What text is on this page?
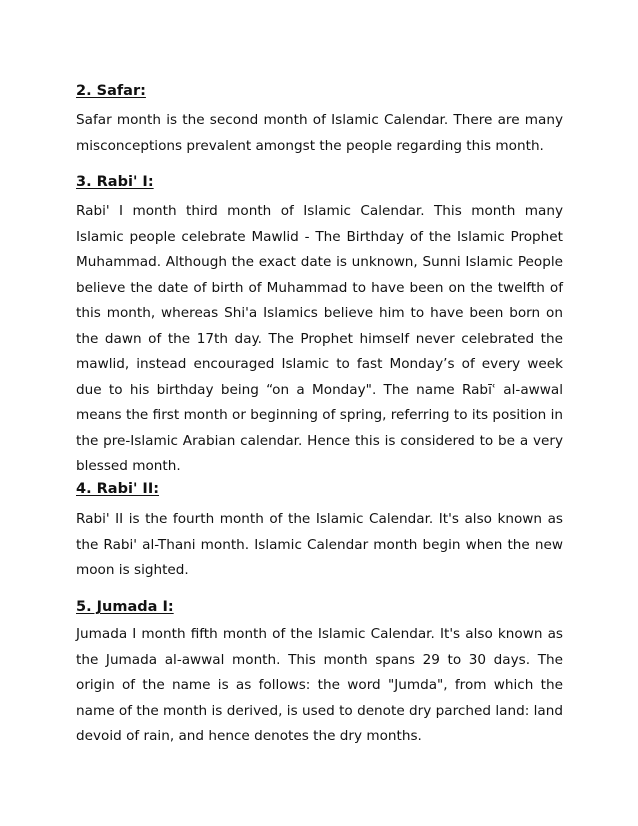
2. Safar:

Safar month is the second month of Islamic Calendar. There are many misconceptions prevalent amongst the people regarding this month.

3. Rabi' I:

Rabi' I month third month of Islamic Calendar. This month many Islamic people celebrate Mawlid - The Birthday of the Islamic Prophet Muhammad. Although the exact date is unknown, Sunni Islamic People believe the date of birth of Muhammad to have been on the twelfth of this month, whereas Shi'a Islamics believe him to have been born on the dawn of the 17th day. The Prophet himself never celebrated the mawlid, instead encouraged Islamic to fast Monday’s of every week due to his birthday being “on a Monday". The name Rabīʿ al-awwal means the first month or beginning of spring, referring to its position in the pre-Islamic Arabian calendar. Hence this is considered to be a very blessed month.

4. Rabi' II:

Rabi' II is the fourth month of the Islamic Calendar. It's also known as the Rabi' al-Thani month. Islamic Calendar month begin when the new moon is sighted.

5. Jumada I:

Jumada I month fifth month of the Islamic Calendar. It's also known as the Jumada al-awwal month. This month spans 29 to 30 days. The origin of the name is as follows: the word "Jumda", from which the name of the month is derived, is used to denote dry parched land: land devoid of rain, and hence denotes the dry months.
